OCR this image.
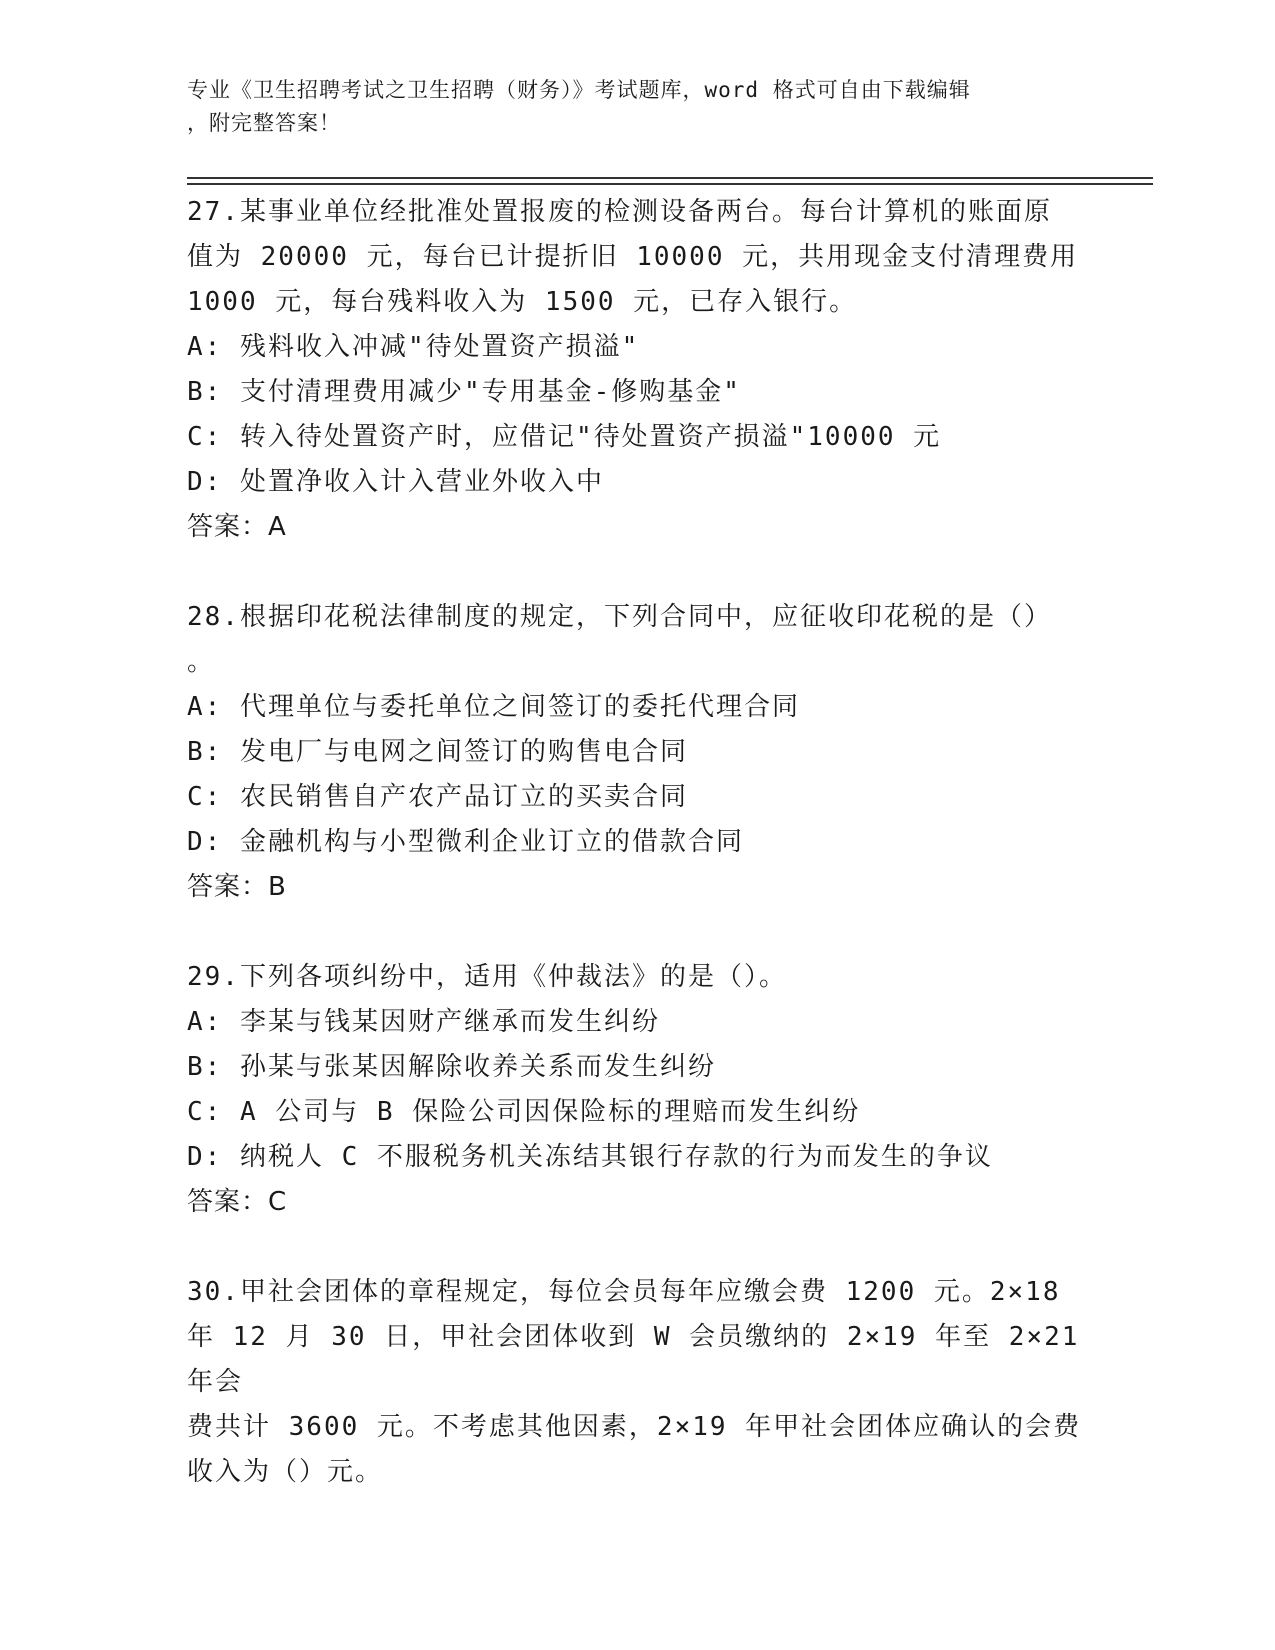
专业《卫生招聘考试之卫生招聘（财务）》考试题库，word 格式可自由下载编辑
，附完整答案！
27.某事业单位经批准处置报废的检测设备两台。每台计算机的账面原
值为 20000 元，每台已计提折旧 10000 元，共用现金支付清理费用
1000 元，每台残料收入为 1500 元，已存入银行。
A: 残料收入冲减"待处置资产损溢"
B: 支付清理费用减少"专用基金-修购基金"
C: 转入待处置资产时，应借记"待处置资产损溢"10000 元
D: 处置净收入计入营业外收入中
答案：A
28.根据印花税法律制度的规定，下列合同中，应征收印花税的是（）
。
A: 代理单位与委托单位之间签订的委托代理合同
B: 发电厂与电网之间签订的购售电合同
C: 农民销售自产农产品订立的买卖合同
D: 金融机构与小型微利企业订立的借款合同
答案：B
29.下列各项纠纷中，适用《仲裁法》的是（）。
A: 李某与钱某因财产继承而发生纠纷
B: 孙某与张某因解除收养关系而发生纠纷
C: A 公司与 B 保险公司因保险标的理赔而发生纠纷
D: 纳税人 C 不服税务机关冻结其银行存款的行为而发生的争议
答案：C
30.甲社会团体的章程规定，每位会员每年应缴会费 1200 元。2×18
年 12 月 30 日，甲社会团体收到 W 会员缴纳的 2×19 年至 2×21 年会
费共计 3600 元。不考虑其他因素，2×19 年甲社会团体应确认的会费
收入为（）元。
